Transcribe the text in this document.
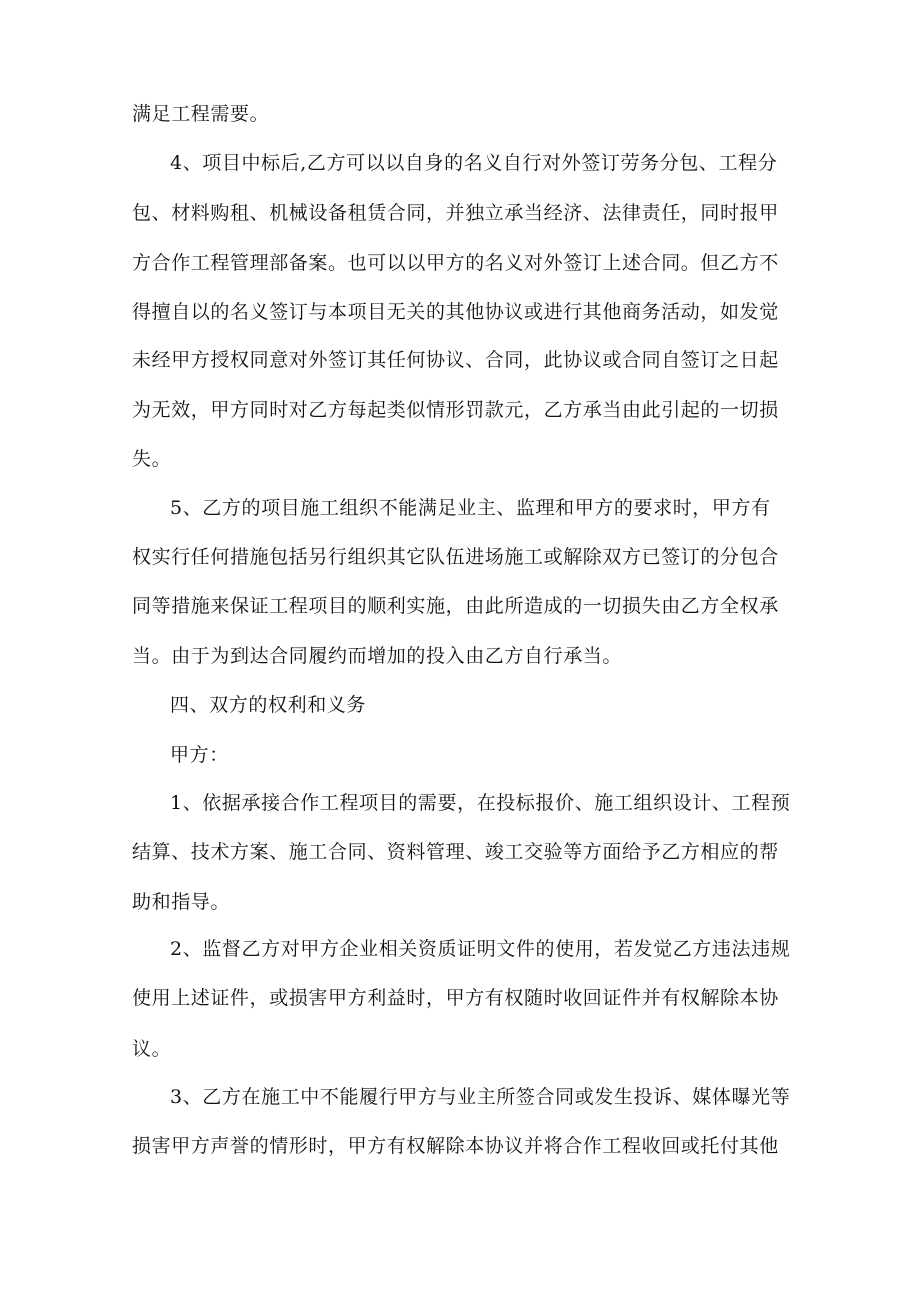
满足工程需要。
4、项目中标后,乙方可以以自身的名义自行对外签订劳务分包、工程分
包、材料购租、机械设备租赁合同，并独立承当经济、法律责任，同时报甲
方合作工程管理部备案。也可以以甲方的名义对外签订上述合同。但乙方不
得擅自以的名义签订与本项目无关的其他协议或进行其他商务活动，如发觉
未经甲方授权同意对外签订其任何协议、合同，此协议或合同自签订之日起
为无效，甲方同时对乙方每起类似情形罚款元，乙方承当由此引起的一切损
失。
5、乙方的项目施工组织不能满足业主、监理和甲方的要求时，甲方有
权实行任何措施包括另行组织其它队伍进场施工或解除双方已签订的分包合
同等措施来保证工程项目的顺利实施，由此所造成的一切损失由乙方全权承
当。由于为到达合同履约而增加的投入由乙方自行承当。
四、双方的权利和义务
甲方：
1、依据承接合作工程项目的需要，在投标报价、施工组织设计、工程预
结算、技术方案、施工合同、资料管理、竣工交验等方面给予乙方相应的帮
助和指导。
2、监督乙方对甲方企业相关资质证明文件的使用，若发觉乙方违法违规
使用上述证件，或损害甲方利益时，甲方有权随时收回证件并有权解除本协
议。
3、乙方在施工中不能履行甲方与业主所签合同或发生投诉、媒体曝光等
损害甲方声誉的情形时，甲方有权解除本协议并将合作工程收回或托付其他
